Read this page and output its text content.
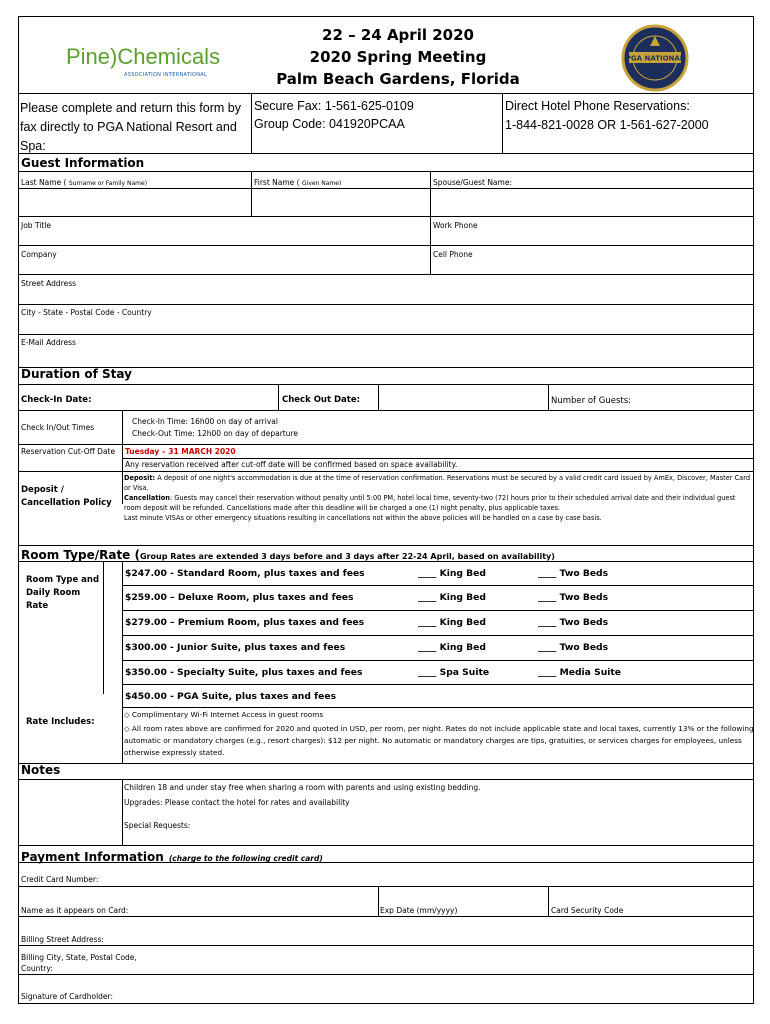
Pine)Chemicals
ASSOCIATION INTERNATIONAL
22 – 24 April 2020
2020 Spring Meeting
Palm Beach Gardens, Florida
PGA NATIONAL
Please complete and return this form by fax directly to PGA National Resort and Spa:
Secure Fax: 1-561-625-0109
Group Code: 041920PCAA
Direct Hotel Phone Reservations:
1-844-821-0028 OR 1-561-627-2000
Guest Information
Last Name ( Surname or Family Name)	First Name ( Given Name)	Spouse/Guest Name:
Job Title	Work Phone
Company	Cell Phone
Street Address
City - State - Postal Code - Country
E-Mail Address
Duration of Stay
Check-In Date:	Check Out Date:	Number of Guests:
Check In/Out Times
Check-In Time: 16h00 on day of arrival
Check-Out Time: 12h00 on day of departure
Reservation Cut-Off Date	Tuesday – 31 MARCH 2020
Any reservation received after cut-off date will be confirmed based on space availability.
Deposit / Cancellation Policy
Deposit: A deposit of one night's accommodation is due at the time of reservation confirmation. Reservations must be secured by a valid credit card issued by AmEx, Discover, Master Card or Visa.
Cancellation: Guests may cancel their reservation without penalty until 5:00 PM, hotel local time, seventy-two (72) hours prior to their scheduled arrival date and their individual guest room deposit will be refunded. Cancellations made after this deadline will be charged a one (1) night penalty, plus applicable taxes.
Last minute VISAs or other emergency situations resulting in cancellations not within the above policies will be handled on a case by case basis.
Room Type/Rate (Group Rates are extended 3 days before and 3 days after 22-24 April, based on availability)
Room Type and Daily Room Rate
$247.00 - Standard Room, plus taxes and fees	____ King Bed	____ Two Beds
$259.00 – Deluxe Room, plus taxes and fees	____ King Bed	____ Two Beds
$279.00 – Premium Room, plus taxes and fees	____ King Bed	____ Two Beds
$300.00 - Junior Suite, plus taxes and fees	____ King Bed	____ Two Beds
$350.00 - Specialty Suite, plus taxes and fees	____ Spa Suite	____ Media Suite
$450.00 - PGA Suite, plus taxes and fees
Rate Includes:
◇ Complimentary Wi-Fi Internet Access in guest rooms
◇ All room rates above are confirmed for 2020 and quoted in USD, per room, per night. Rates do not include applicable state and local taxes, currently 13% or the following automatic or mandatory charges (e.g., resort charges): $12 per night. No automatic or mandatory charges are tips, gratuities, or services charges for employees, unless otherwise expressly stated.
Notes
Children 18 and under stay free when sharing a room with parents and using existing bedding.
Upgrades: Please contact the hotel for rates and availability
Special Requests:
Payment Information (charge to the following credit card)
Credit Card Number:
Name as it appears on Card:	Exp Date (mm/yyyy)	Card Security Code
Billing Street Address:
Billing City, State, Postal Code, Country:
Signature of Cardholder:
